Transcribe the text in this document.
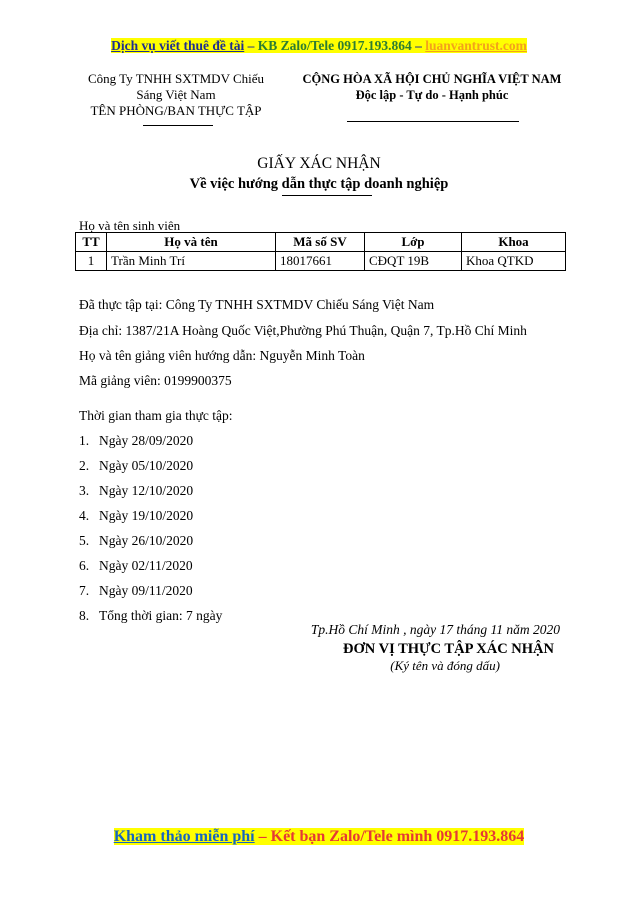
Dịch vụ viết thuê đề tài – KB Zalo/Tele 0917.193.864 – luanvantrust.com
Công Ty TNHH SXTMDV Chiếu
Sáng Việt Nam
TÊN PHÒNG/BAN THỰC TẬP
CỘNG HÒA XÃ HỘI CHỦ NGHĨA VIỆT NAM
Độc lập - Tự do - Hạnh phúc
GIẤY XÁC NHẬN
Về việc hướng dẫn thực tập doanh nghiệp
Họ và tên sinh viên
TT	Họ và tên	Mã số SV	Lớp	Khoa
1	Trần Minh Trí	18017661	CĐQT 19B	Khoa QTKD
Đã thực tập tại: Công Ty TNHH SXTMDV Chiếu Sáng Việt Nam
Địa chỉ: 1387/21A Hoàng Quốc Việt,Phường Phú Thuận, Quận 7, Tp.Hồ Chí Minh
Họ và tên giảng viên hướng dẫn: Nguyễn Minh Toàn
Mã giảng viên: 0199900375
Thời gian tham gia thực tập:
1. Ngày 28/09/2020
2. Ngày 05/10/2020
3. Ngày 12/10/2020
4. Ngày 19/10/2020
5. Ngày 26/10/2020
6. Ngày 02/11/2020
7. Ngày 09/11/2020
8. Tổng thời gian: 7 ngày
Tp.Hồ Chí Minh , ngày 17 tháng 11 năm 2020
ĐƠN VỊ THỰC TẬP XÁC NHẬN
(Ký tên và đóng dấu)
Kham thảo miễn phí – Kết bạn Zalo/Tele mình 0917.193.864
